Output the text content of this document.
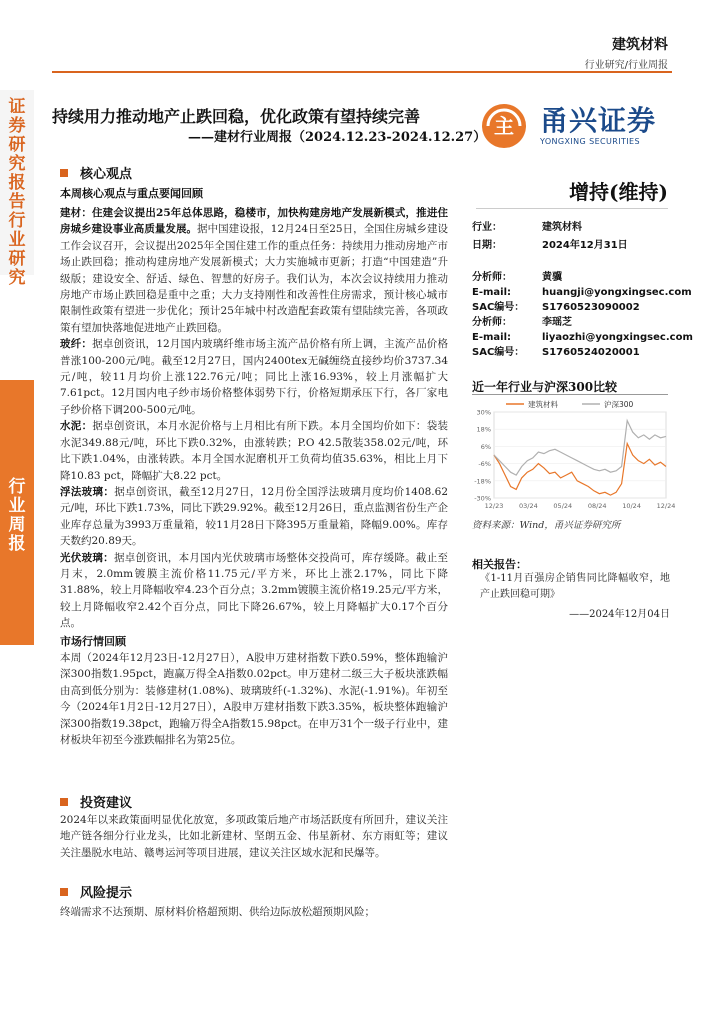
建筑材料
行业研究/行业周报
证券研究报告 行业研究
行业周报
持续用力推动地产止跌回稳，优化政策有望持续完善
——建材行业周报（2024.12.23-2024.12.27） 主 甬兴证券
YONGXING SECURITIES
核心观点
本周核心观点与重点要闻回顾

建材：住建会议提出25年总体思路，稳楼市，加快构建房地产发展新模式，推进住房城乡建设事业高质量发展。据中国建设报，12月24日至25日，全国住房城乡建设工作会议召开，会议提出2025年全国住建工作的重点任务：持续用力推动房地产市场止跌回稳；推动构建房地产发展新模式；大力实施城市更新；打造“中国建造”升级版；建设安全、舒适、绿色、智慧的好房子。我们认为，本次会议持续用力推动房地产市场止跌回稳是重中之重；大力支持刚性和改善性住房需求，预计核心城市限制性政策有望进一步优化；预计25年城中村改造配套政策有望陆续完善，各项政策有望加快落地促进地产止跌回稳。

玻纤：据卓创资讯，12月国内玻璃纤维市场主流产品价格有所上调，主流产品价格普涨100-200元/吨。截至12月27日，国内2400tex无碱缠绕直接纱均价3737.34元/吨，较11月均价上涨122.76元/吨；同比上涨16.93%，较上月涨幅扩大7.61pct。12月国内电子纱市场价格整体弱势下行，价格短期承压下行，各厂家电子纱价格下调200-500元/吨。

水泥：据卓创资讯，本月水泥价格与上月相比有所下跌。本月全国均价如下：袋装水泥349.88元/吨，环比下跌0.32%，由涨转跌；P.O 42.5散装358.02元/吨，环比下跌1.04%，由涨转跌。本月全国水泥磨机开工负荷均值35.63%，相比上月下降10.83 pct，降幅扩大8.22 pct。

浮法玻璃：据卓创资讯，截至12月27日，12月份全国浮法玻璃月度均价1408.62元/吨，环比下跌1.73%，同比下跌29.92%。截至12月26日，重点监测省份生产企业库存总量为3993万重量箱，较11月28日下降395万重量箱，降幅9.00%。库存天数约20.89天。

光伏玻璃：据卓创资讯，本月国内光伏玻璃市场整体交投尚可，库存缓降。截止至月末，2.0mm镀膜主流价格11.75元/平方米，环比上涨2.17%，同比下降31.88%，较上月降幅收窄4.23个百分点；3.2mm镀膜主流价格19.25元/平方米，较上月降幅收窄2.42个百分点，同比下降26.67%，较上月降幅扩大0.17个百分点。

市场行情回顾

本周（2024年12月23日-12月27日），A股申万建材指数下跌0.59%，整体跑输沪深300指数1.95pct，跑赢万得全A指数0.02pct。申万建材二级三大子板块涨跌幅由高到低分别为：装修建材(1.08%)、玻璃玻纤(-1.32%)、水泥(-1.91%)。年初至今（2024年1月2日-12月27日），A股申万建材指数下跌3.35%，板块整体跑输沪深300指数19.38pct，跑输万得全A指数15.98pct。在申万31个一级子行业中，建材板块年初至今涨跌幅排名为第25位。

投资建议
2024年以来政策面明显优化放宽，多项政策后地产市场活跃度有所回升，建议关注地产链各细分行业龙头，比如北新建材、坚朗五金、伟星新材、东方雨虹等；建议关注墨脱水电站、赣粤运河等项目进展，建议关注区域水泥和民爆等。
风险提示
终端需求不达预期、原材料价格超预期、供给边际放松超预期风险；
增持(维持)
行业：	建筑材料
日期：	2024年12月31日
分析师：	黄骥
E-mail:	huangji@yongxingsec.com
SAC编号： S1760523090002
分析师：	李瑶芝
E-mail:	liyaozhi@yongxingsec.com
SAC编号： S1760524020001
近一年行业与沪深300比较
30%
18%
6%
-6%
-18%
-30%
12/23 03/24 05/24 08/24 10/24 12/24
建筑材料	沪深300
资料来源：Wind，甬兴证券研究所
相关报告：
《1-11月百强房企销售同比降幅收窄，地产止跌回稳可期》
——2024年12月04日
